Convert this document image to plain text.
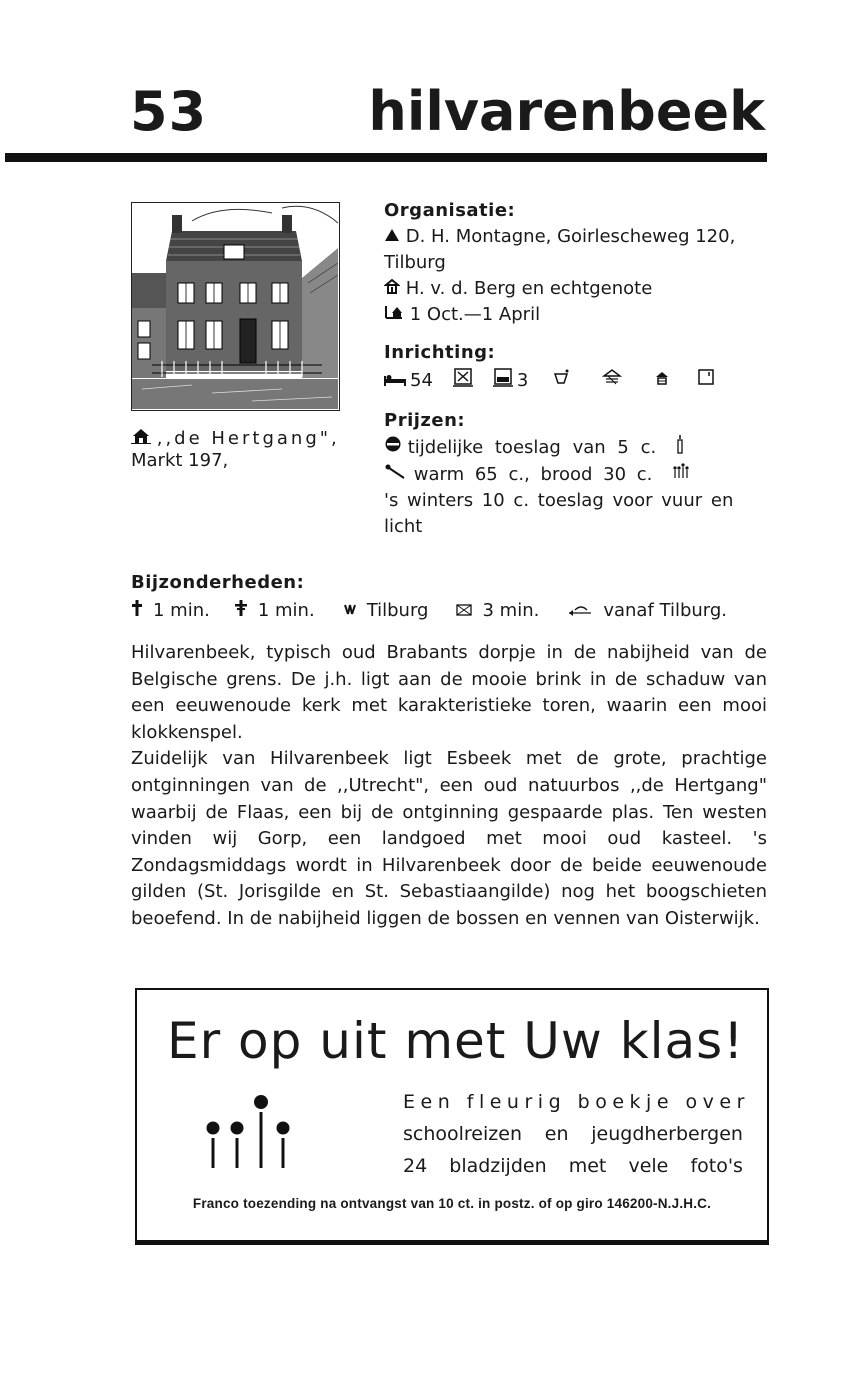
53	hilvarenbeek
,,de Hertgang",
Markt 197,
Organisatie:
D. H. Montagne, Goirlescheweg 120,
Tilburg
H. v. d. Berg en echtgenote
1 Oct.—1 April
Inrichting:
54	3
Prijzen:
tijdelijke toeslag van 5 c.
warm 65 c., brood 30 c.
's winters 10 c. toeslag voor vuur en
licht
Bijzonderheden:
1 min.	1 min.	Tilburg	3 min.	vanaf Tilburg.

Hilvarenbeek, typisch oud Brabants dorpje in de nabijheid van de Belgische grens. De j.h. ligt aan de mooie brink in de schaduw van een eeuwenoude kerk met karakteristieke toren, waarin een mooi klokkenspel.

Zuidelijk van Hilvarenbeek ligt Esbeek met de grote, prachtige ontginningen van de ,,Utrecht", een oud natuurbos ,,de Hertgang" waarbij de Flaas, een bij de ontginning gespaarde plas. Ten westen vinden wij Gorp, een landgoed met mooi oud kasteel. 's Zondagsmiddags wordt in Hilvarenbeek door de beide eeuwenoude gilden (St. Jorisgilde en St. Sebastiaangilde) nog het boogschieten beoefend. In de nabijheid liggen de bossen en vennen van Oisterwijk.

Er op uit met Uw klas!
Een fleurig boekje over
schoolreizen en jeugdherbergen
24 bladzijden met vele foto's
Franco toezending na ontvangst van 10 ct. in postz. of op giro 146200-N.J.H.C.
